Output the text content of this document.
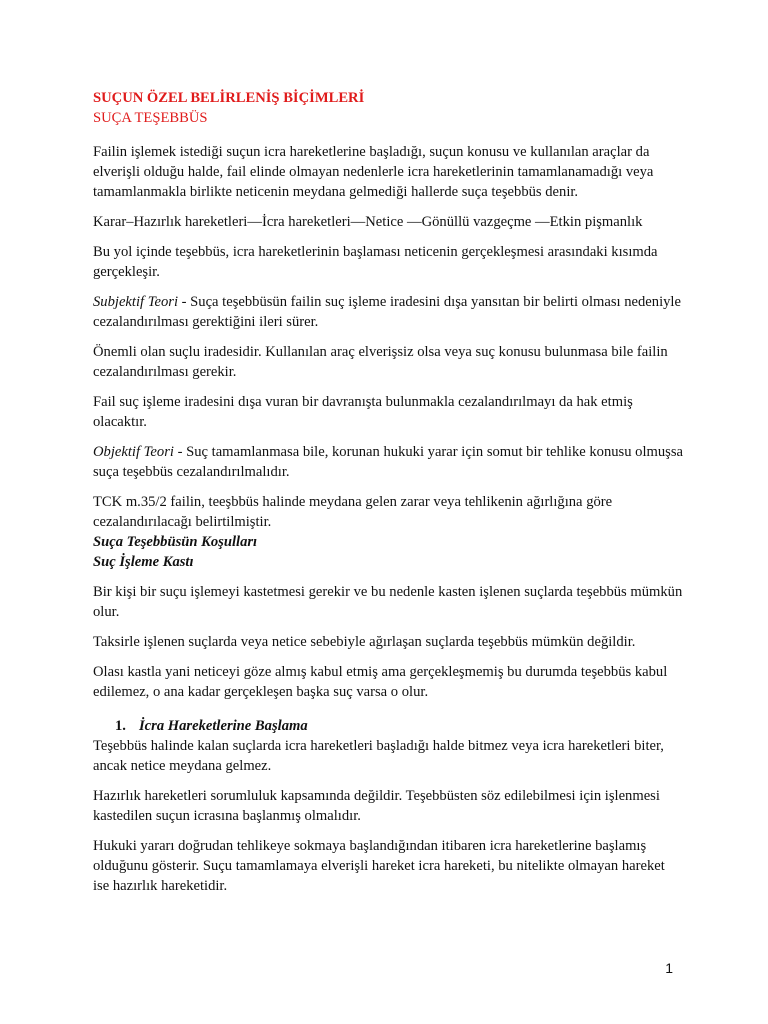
SUÇUN ÖZEL BELİRLENİŞ BİÇİMLERİ
SUÇA TEŞEBBÜS

Failin işlemek istediği suçun icra hareketlerine başladığı, suçun konusu ve kullanılan araçlar da elverişli olduğu halde, fail elinde olmayan nedenlerle icra hareketlerinin tamamlanamadığı veya tamamlanmakla birlikte neticenin meydana gelmediği hallerde suça teşebbüs denir.

Karar–Hazırlık hareketleri—İcra hareketleri—Netice —Gönüllü vazgeçme —Etkin pişmanlık

Bu yol içinde teşebbüs, icra hareketlerinin başlaması neticenin gerçekleşmesi arasındaki kısımda gerçekleşir.

Subjektif Teori - Suça teşebbüsün failin suç işleme iradesini dışa yansıtan bir belirti olması nedeniyle cezalandırılması gerektiğini ileri sürer.

Önemli olan suçlu iradesidir. Kullanılan araç elverişsiz olsa veya suç konusu bulunmasa bile failin cezalandırılması gerekir.

Fail suç işleme iradesini dışa vuran bir davranışta bulunmakla cezalandırılmayı da hak etmiş olacaktır.

Objektif Teori - Suç tamamlanmasa bile, korunan hukuki yarar için somut bir tehlike konusu olmuşsa suça teşebbüs cezalandırılmalıdır.

TCK m.35/2 failin, teeşbbüs halinde meydana gelen zarar veya tehlikenin ağırlığına göre cezalandırılacağı belirtilmiştir.

Suça Teşebbüsün Koşulları
Suç İşleme Kastı

Bir kişi bir suçu işlemeyi kastetmesi gerekir ve bu nedenle kasten işlenen suçlarda teşebbüs mümkün olur.

Taksirle işlenen suçlarda veya netice sebebiyle ağırlaşan suçlarda teşebbüs mümkün değildir.

Olası kastla yani neticeyi göze almış kabul etmiş ama gerçekleşmemiş bu durumda teşebbüs kabul edilemez, o ana kadar gerçekleşen başka suç varsa o olur.

1. İcra Hareketlerine Başlama

Teşebbüs halinde kalan suçlarda icra hareketleri başladığı halde bitmez veya icra hareketleri biter, ancak netice meydana gelmez.

Hazırlık hareketleri sorumluluk kapsamında değildir. Teşebbüsten söz edilebilmesi için işlenmesi kastedilen suçun icrasına başlanmış olmalıdır.

Hukuki yararı doğrudan tehlikeye sokmaya başlandığından itibaren icra hareketlerine başlamış olduğunu gösterir. Suçu tamamlamaya elverişli hareket icra hareketi, bu nitelikte olmayan hareket ise hazırlık hareketidir.

1
